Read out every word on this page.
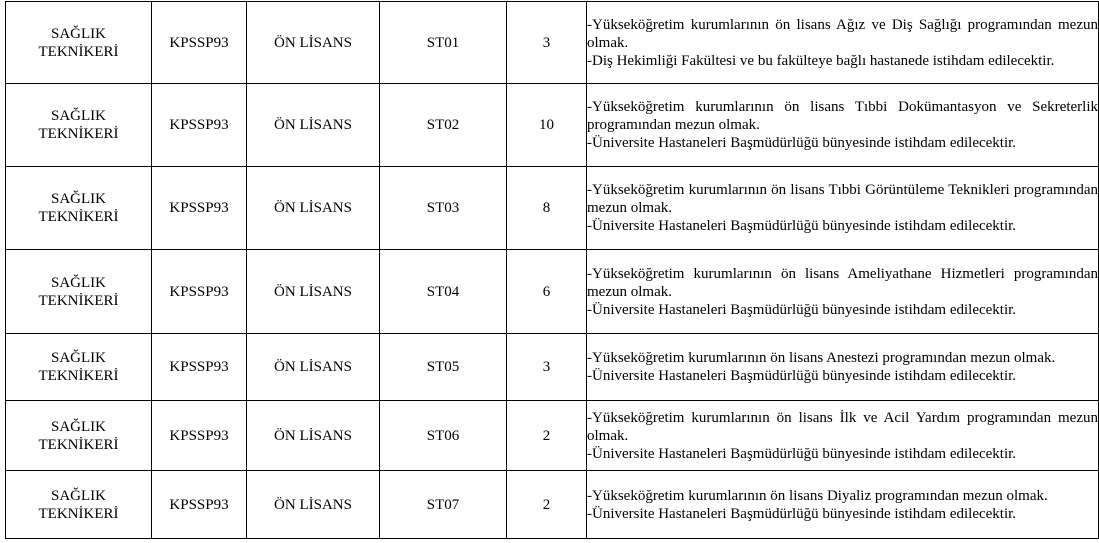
SAĞLIK
TEKNİKERİ	KPSSP93	ÖN LİSANS	ST01	3	-Yükseköğretim kurumlarının ön lisans Ağız ve Diş Sağlığı programından mezun olmak.
-Diş Hekimliği Fakültesi ve bu fakülteye bağlı hastanede istihdam edilecektir.

SAĞLIK
TEKNİKERİ	KPSSP93	ÖN LİSANS	ST02	10	-Yükseköğretim kurumlarının ön lisans Tıbbi Dokümantasyon ve Sekreterlik programından mezun olmak.
-Üniversite Hastaneleri Başmüdürlüğü bünyesinde istihdam edilecektir.

SAĞLIK
TEKNİKERİ	KPSSP93	ÖN LİSANS	ST03	8	-Yükseköğretim kurumlarının ön lisans Tıbbi Görüntüleme Teknikleri programından mezun olmak.
-Üniversite Hastaneleri Başmüdürlüğü bünyesinde istihdam edilecektir.

SAĞLIK
TEKNİKERİ	KPSSP93	ÖN LİSANS	ST04	6	-Yükseköğretim kurumlarının ön lisans Ameliyathane Hizmetleri programından mezun olmak.
-Üniversite Hastaneleri Başmüdürlüğü bünyesinde istihdam edilecektir.

SAĞLIK
TEKNİKERİ	KPSSP93	ÖN LİSANS	ST05	3	-Yükseköğretim kurumlarının ön lisans Anestezi programından mezun olmak.
-Üniversite Hastaneleri Başmüdürlüğü bünyesinde istihdam edilecektir.

SAĞLIK
TEKNİKERİ	KPSSP93	ÖN LİSANS	ST06	2	-Yükseköğretim kurumlarının ön lisans İlk ve Acil Yardım programından mezun olmak.
-Üniversite Hastaneleri Başmüdürlüğü bünyesinde istihdam edilecektir.

SAĞLIK
TEKNİKERİ	KPSSP93	ÖN LİSANS	ST07	2	-Yükseköğretim kurumlarının ön lisans Diyaliz programından mezun olmak.
-Üniversite Hastaneleri Başmüdürlüğü bünyesinde istihdam edilecektir.
